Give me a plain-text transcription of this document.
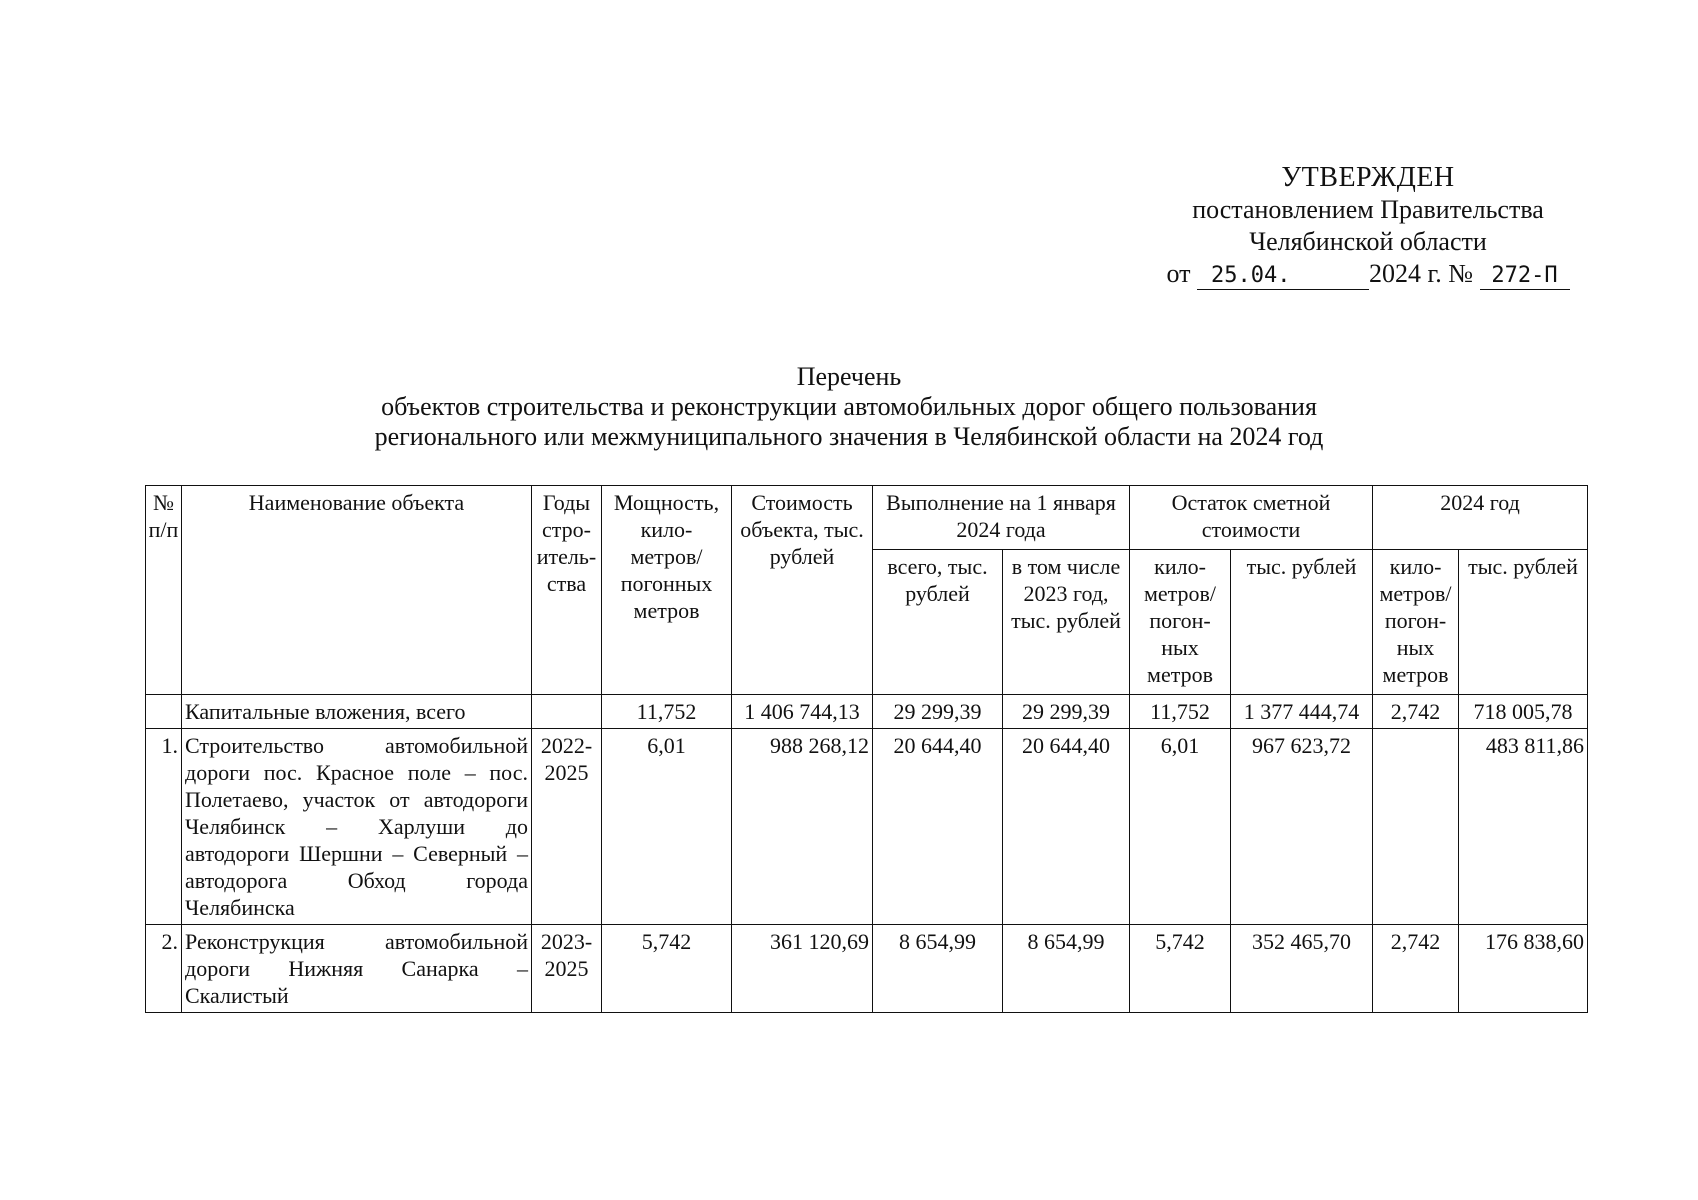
УТВЕРЖДЕН
постановлением Правительства
Челябинской области
от 25.04.	2024 г. № 272-П
Перечень
объектов строительства и реконструкции автомобильных дорог общего пользования
регионального или межмуниципального значения в Челябинской области на 2024 год
№ п/п	Наименование объекта	Годы стро-итель-ства	Мощность, кило-метров/ погонных метров	Стоимость объекта, тыс. рублей	Выполнение на 1 января 2024 года		Остаток сметной стоимости		2024 год	
					всего, тыс. рублей	в том числе 2023 год, тыс. рублей	кило-метров/ погон-ных метров	тыс. рублей	кило-метров/ погон-ных метров	тыс. рублей
	Капитальные вложения, всего		11,752	1 406 744,13	29 299,39	29 299,39	11,752	1 377 444,74	2,742	718 005,78
1.	Строительство автомобильной дороги пос. Красное поле – пос. Полетаево, участок от автодороги Челябинск – Харлуши до автодороги Шершни – Северный – автодорога Обход города Челябинска	2022-2025	6,01	988 268,12	20 644,40	20 644,40	6,01	967 623,72		483 811,86
2.	Реконструкция автомобильной дороги Нижняя Санарка – Скалистый	2023-2025	5,742	361 120,69	8 654,99	8 654,99	5,742	352 465,70	2,742	176 838,60
